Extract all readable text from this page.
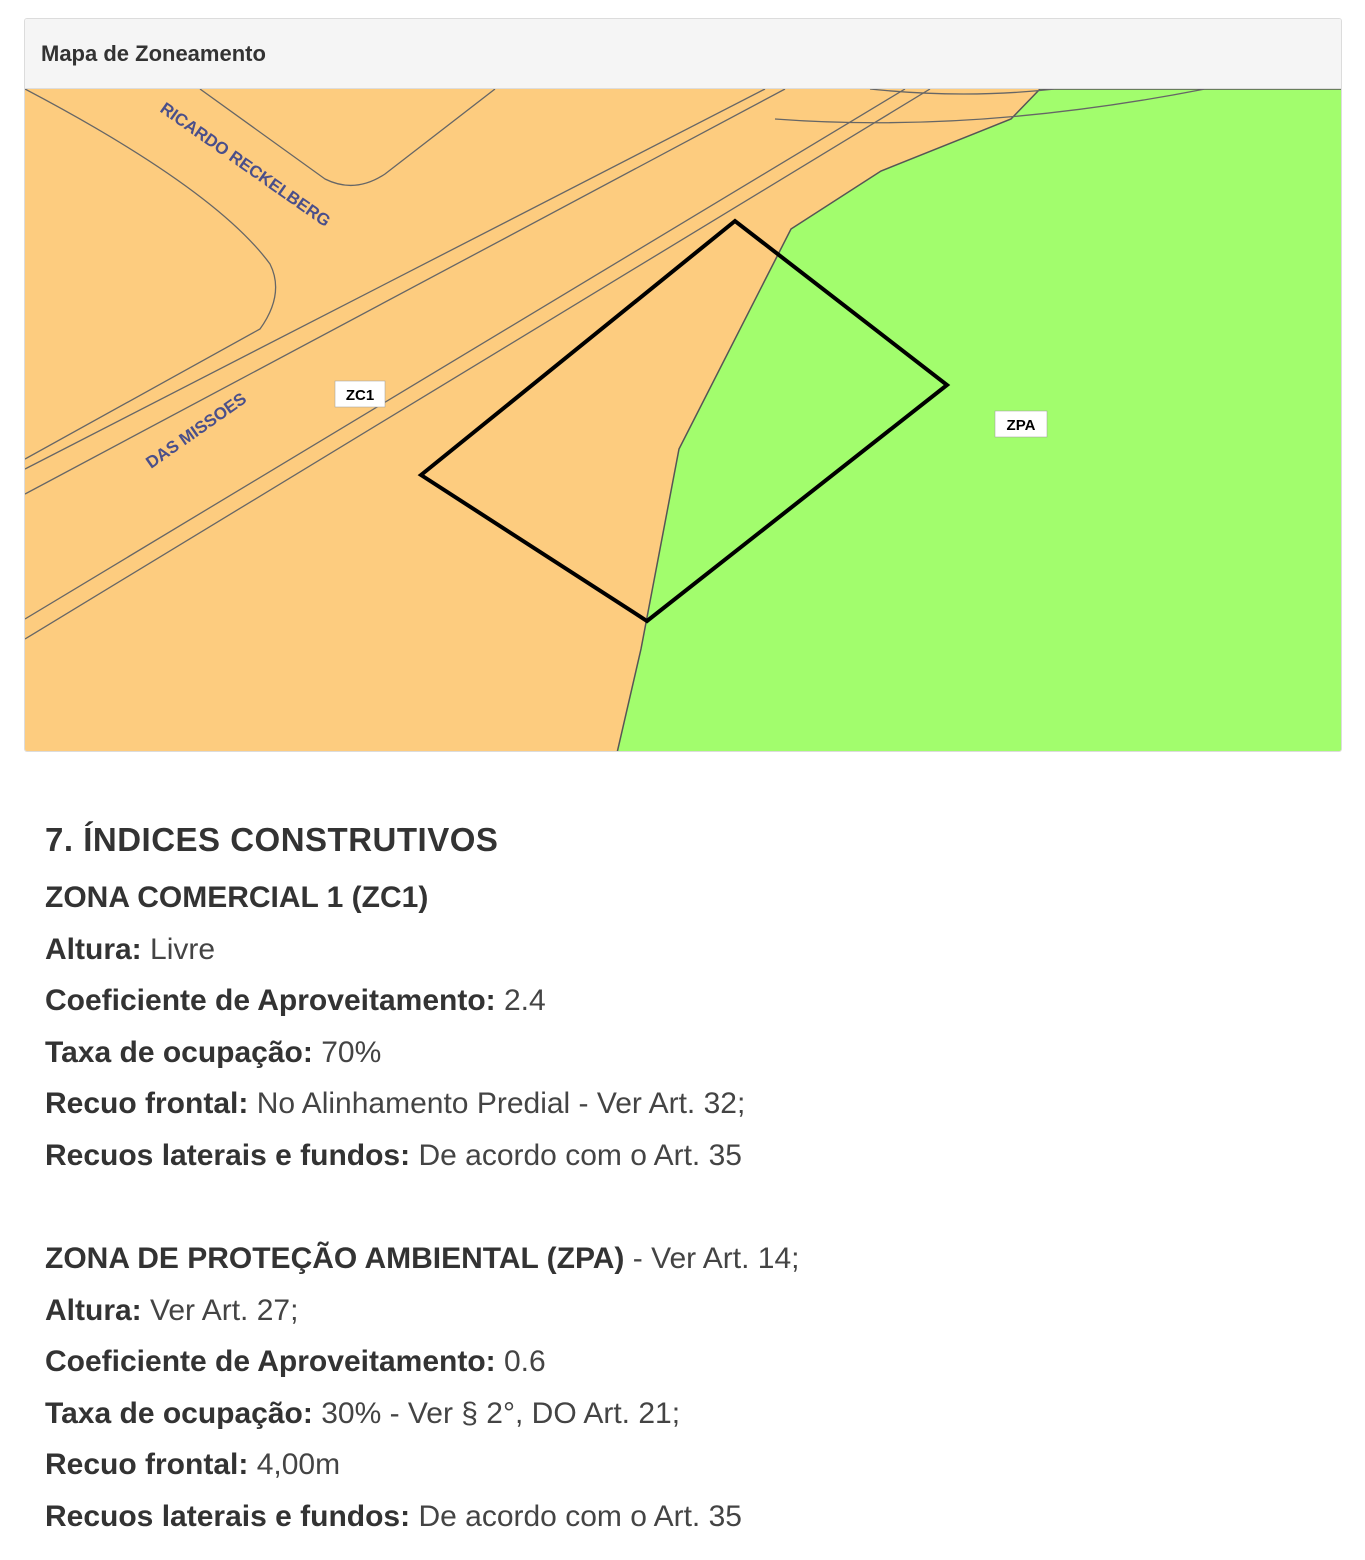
Mapa de Zoneamento
RICARDO RECKELBERG
DAS MISSOES	ZC1
ZPA
7. ÍNDICES CONSTRUTIVOS
ZONA COMERCIAL 1 (ZC1)
Altura: Livre
Coeficiente de Aproveitamento: 2.4
Taxa de ocupação: 70%
Recuo frontal: No Alinhamento Predial - Ver Art. 32;
Recuos laterais e fundos: De acordo com o Art. 35
ZONA DE PROTEÇÃO AMBIENTAL (ZPA) - Ver Art. 14;
Altura: Ver Art. 27;
Coeficiente de Aproveitamento: 0.6
Taxa de ocupação: 30% - Ver § 2°, DO Art. 21;
Recuo frontal: 4,00m
Recuos laterais e fundos: De acordo com o Art. 35
